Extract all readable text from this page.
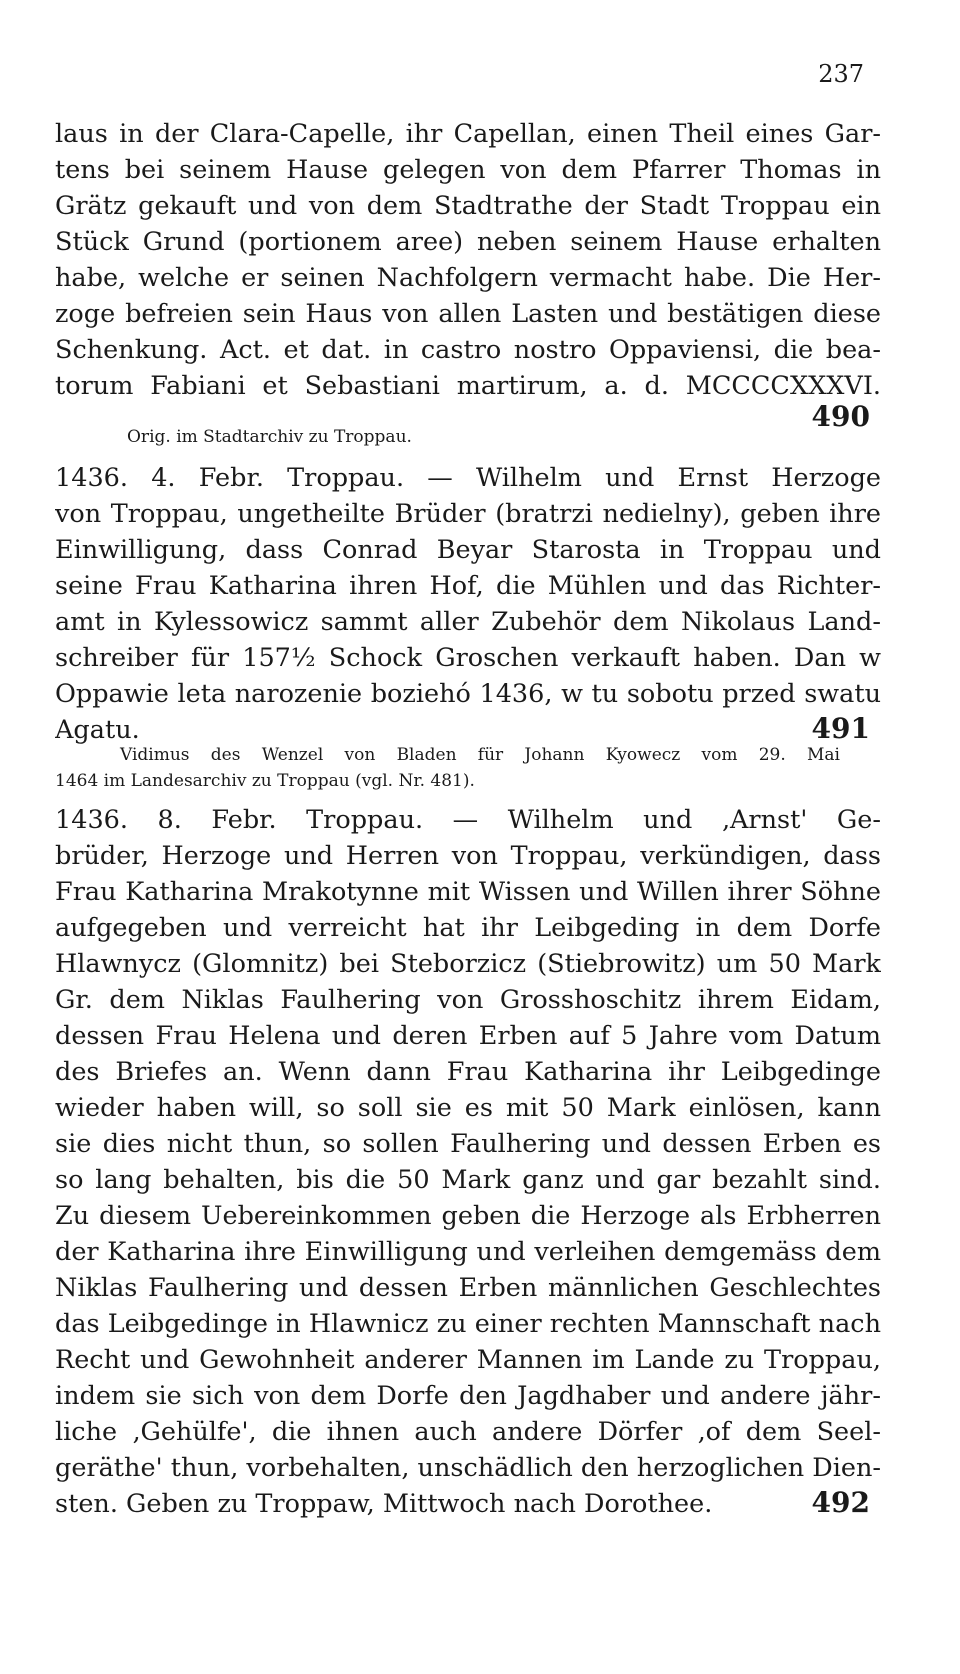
237
laus in der Clara-Capelle, ihr Capellan, einen Theil eines Gar-
tens bei seinem Hause gelegen von dem Pfarrer Thomas in
Grätz gekauft und von dem Stadtrathe der Stadt Troppau ein
Stück Grund (portionem aree) neben seinem Hause erhalten
habe, welche er seinen Nachfolgern vermacht habe. Die Her-
zoge befreien sein Haus von allen Lasten und bestätigen diese
Schenkung. Act. et dat. in castro nostro Oppaviensi, die bea-
torum Fabiani et Sebastiani martirum, a. d. MCCCCXXXVI.
490
Orig. im Stadtarchiv zu Troppau.
1436. 4. Febr. Troppau. — Wilhelm und Ernst Herzoge
von Troppau, ungetheilte Brüder (bratrzi nedielny), geben ihre
Einwilligung, dass Conrad Beyar Starosta in Troppau und
seine Frau Katharina ihren Hof, die Mühlen und das Richter-
amt in Kylessowicz sammt aller Zubehör dem Nikolaus Land-
schreiber für 157½ Schock Groschen verkauft haben. Dan w
Oppawie leta narozenie boziehó 1436, w tu sobotu przed swatu
Agatu.	491
Vidimus des Wenzel von Bladen für Johann Kyowecz vom 29. Mai
1464 im Landesarchiv zu Troppau (vgl. Nr. 481).
1436. 8. Febr. Troppau. — Wilhelm und ‚Arnst' Ge-
brüder, Herzoge und Herren von Troppau, verkündigen, dass
Frau Katharina Mrakotynne mit Wissen und Willen ihrer Söhne
aufgegeben und verreicht hat ihr Leibgeding in dem Dorfe
Hlawnycz (Glomnitz) bei Steborzicz (Stiebrowitz) um 50 Mark
Gr. dem Niklas Faulhering von Grosshoschitz ihrem Eidam,
dessen Frau Helena und deren Erben auf 5 Jahre vom Datum
des Briefes an. Wenn dann Frau Katharina ihr Leibgedinge
wieder haben will, so soll sie es mit 50 Mark einlösen, kann
sie dies nicht thun, so sollen Faulhering und dessen Erben es
so lang behalten, bis die 50 Mark ganz und gar bezahlt sind.
Zu diesem Uebereinkommen geben die Herzoge als Erbherren
der Katharina ihre Einwilligung und verleihen demgemäss dem
Niklas Faulhering und dessen Erben männlichen Geschlechtes
das Leibgedinge in Hlawnicz zu einer rechten Mannschaft nach
Recht und Gewohnheit anderer Mannen im Lande zu Troppau,
indem sie sich von dem Dorfe den Jagdhaber und andere jähr-
liche ‚Gehülfe', die ihnen auch andere Dörfer ‚of dem Seel-
geräthe' thun, vorbehalten, unschädlich den herzoglichen Dien-
sten. Geben zu Troppaw, Mittwoch nach Dorothee.	492
